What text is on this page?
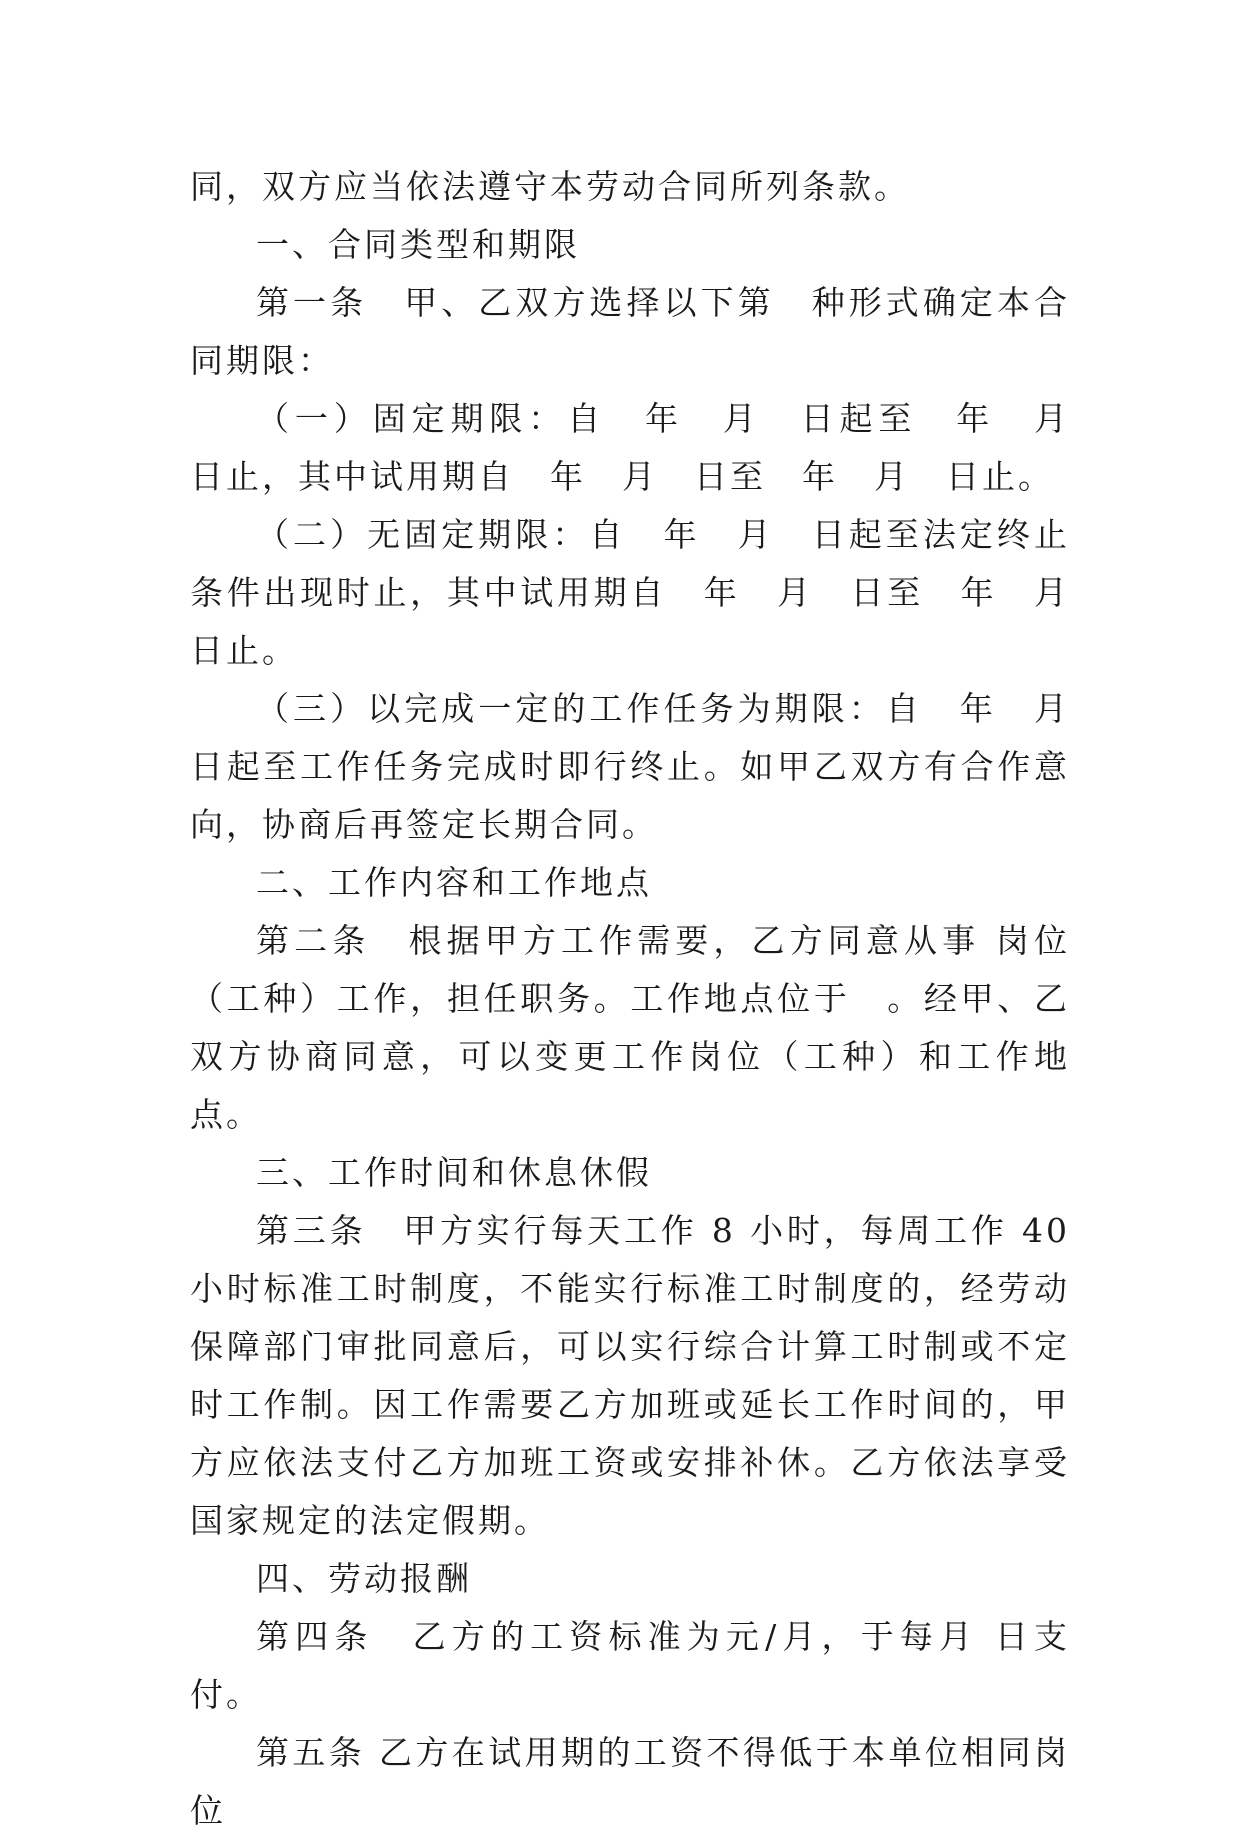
同，双方应当依法遵守本劳动合同所列条款。

一、合同类型和期限

第一条　甲、乙双方选择以下第　种形式确定本合同期限：

（一）固定期限：自　年　月　日起至　年　月　日止，其中试用期自　年　月　日至　年　月　日止。

（二）无固定期限：自　年　月　日起至法定终止条件出现时止，其中试用期自　年　月　日至　年　月　日止。

（三）以完成一定的工作任务为期限：自　年　月　日起至工作任务完成时即行终止。如甲乙双方有合作意向，协商后再签定长期合同。

二、工作内容和工作地点

第二条　根据甲方工作需要，乙方同意从事 岗位（工种）工作，担任职务。工作地点位于　。经甲、乙双方协商同意，可以变更工作岗位（工种）和工作地点。

三、工作时间和休息休假

第三条　甲方实行每天工作 8 小时，每周工作 40 小时标准工时制度，不能实行标准工时制度的，经劳动保障部门审批同意后，可以实行综合计算工时制或不定时工作制。因工作需要乙方加班或延长工作时间的，甲方应依法支付乙方加班工资或安排补休。乙方依法享受国家规定的法定假期。

四、劳动报酬

第四条　乙方的工资标准为元/月，于每月 日支付。

第五条 乙方在试用期的工资不得低于本单位相同岗位
